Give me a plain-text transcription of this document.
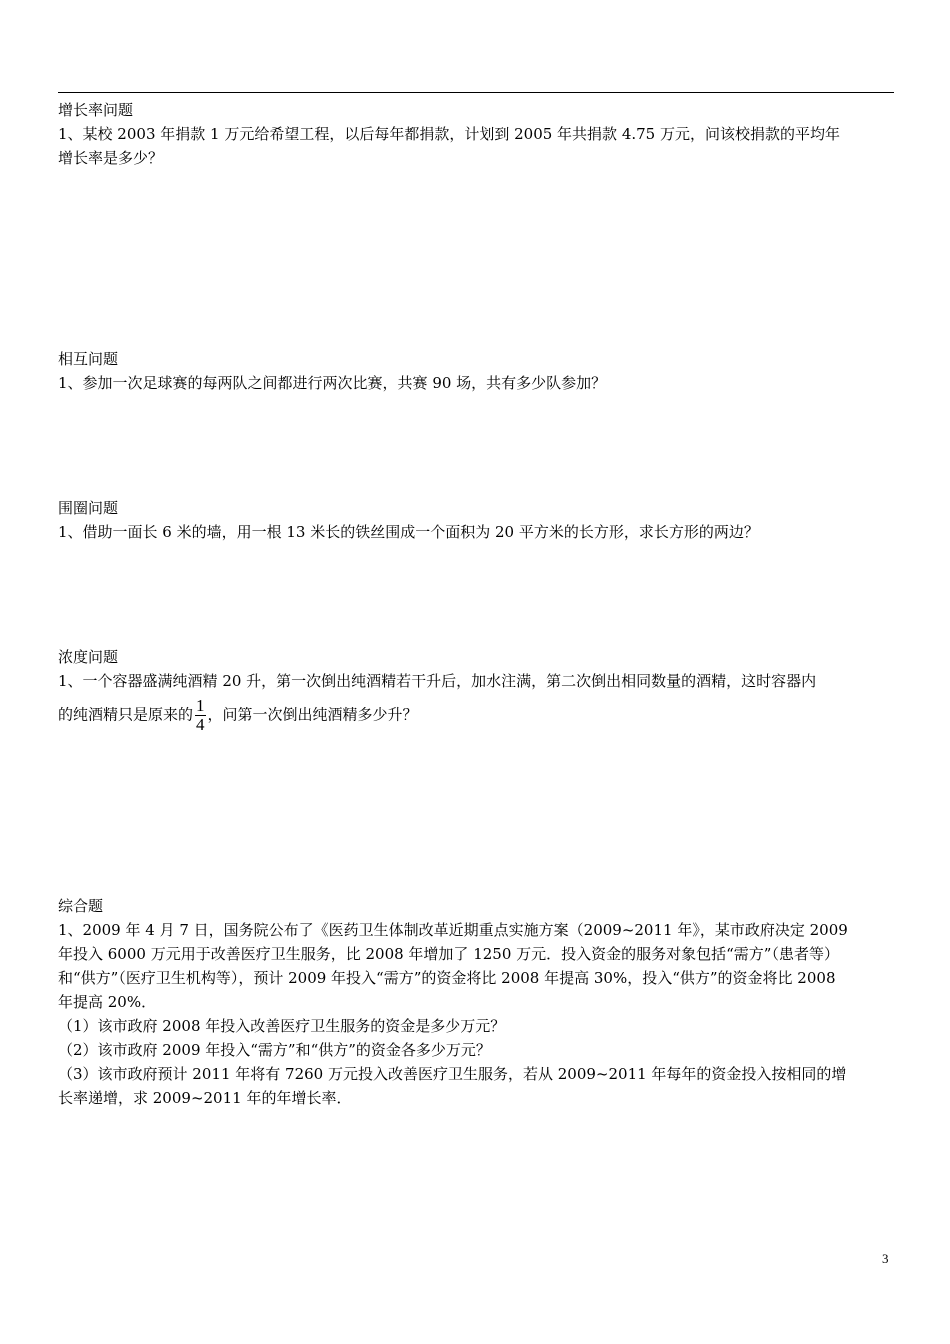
增长率问题

1、某校 2003 年捐款 1 万元给希望工程，以后每年都捐款，计划到 2005 年共捐款 4.75 万元，问该校捐款的平均年

增长率是多少？

相互问题

1、参加一次足球赛的每两队之间都进行两次比赛，共赛 90 场，共有多少队参加？

围圈问题

1、借助一面长 6 米的墙，用一根 13 米长的铁丝围成一个面积为 20 平方米的长方形，求长方形的两边？

浓度问题

1、一个容器盛满纯酒精 20 升，第一次倒出纯酒精若干升后，加水注满，第二次倒出相同数量的酒精，这时容器内

的纯酒精只是原来的 $\frac{1}{4}$ ，问第一次倒出纯酒精多少升？

综合题

1、2009 年 4 月 7 日，国务院公布了《医药卫生体制改革近期重点实施方案（2009~2011 年》，某市政府决定 2009

年投入 6000 万元用于改善医疗卫生服务，比 2008 年增加了 1250 万元．投入资金的服务对象包括“需方”（患者等）

和“供方”（医疗卫生机构等），预计 2009 年投入“需方”的资金将比 2008 年提高 30%，投入“供方”的资金将比 2008

年提高 20%．

（1）该市政府 2008 年投入改善医疗卫生服务的资金是多少万元？

（2）该市政府 2009 年投入“需方”和“供方”的资金各多少万元？

（3）该市政府预计 2011 年将有 7260 万元投入改善医疗卫生服务，若从 2009~2011 年每年的资金投入按相同的增

长率递增，求 2009~2011 年的年增长率．

3
